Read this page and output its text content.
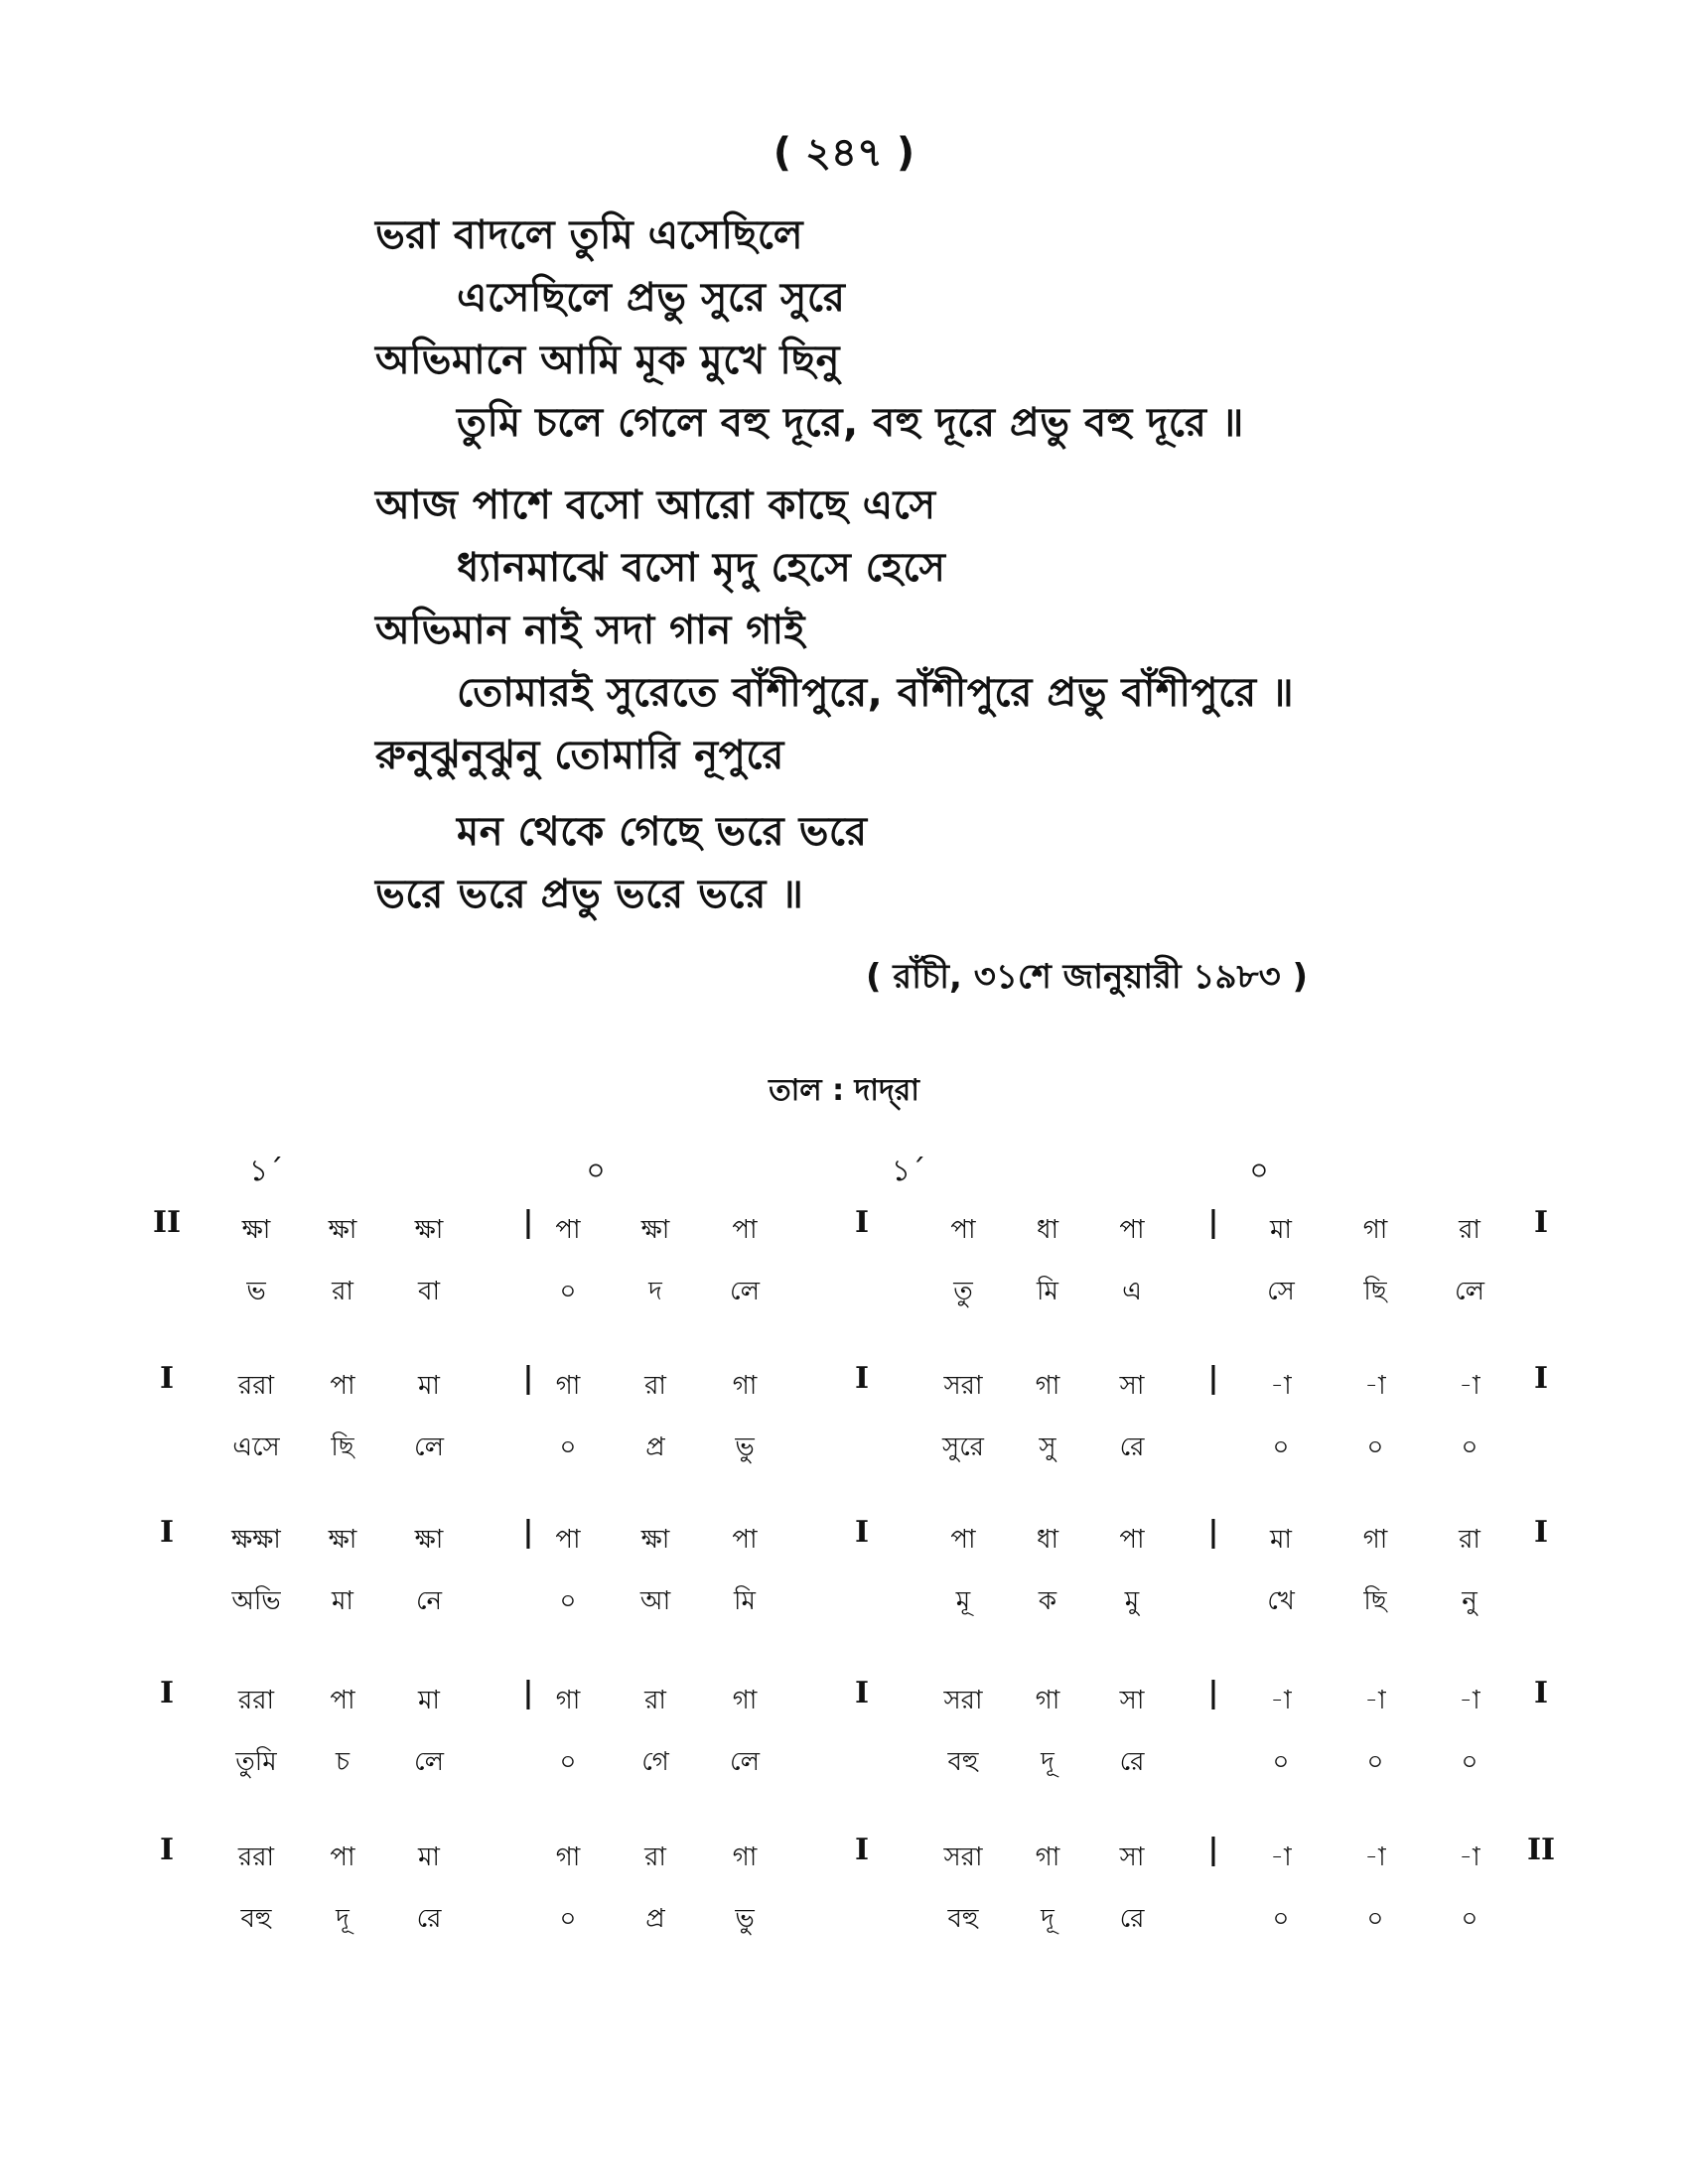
( ২৪৭ )
ভরা বাদলে তুমি এসেছিলে
এসেছিলে প্রভু সুরে সুরে
অভিমানে আমি মূক মুখে ছিনু
তুমি চলে গেলে বহু দূরে, বহু দূরে প্রভু বহু দূরে ॥
আজ পাশে বসো আরো কাছে এসে
ধ্যানমাঝে বসো মৃদু হেসে হেসে
অভিমান নাই সদা গান গাই
তোমারই সুরেতে বাঁশীপুরে, বাঁশীপুরে প্রভু বাঁশীপুরে ॥
রুনুঝুনুঝুনু তোমারি নূপুরে
মন থেকে গেছে ভরে ভরে
ভরে ভরে প্রভু ভরে ভরে ॥
( রাঁচী, ৩১শে জানুয়ারী ১৯৮৩ )
তাল : দাদ্‌রা
১´	০	১´	০
II	|	I	|	I
ক্ষা	ক্ষা	ক্ষা	পা	ক্ষা	পা	পা	ধা	পা	মা	গা	রা
ভ	রা	বা	০	দ	লে	তু	মি	এ	সে	ছি	লে
I	|	I	|	I
ররা	পা	মা	গা	রা	গা	সরা	গা	সা	-া	-া	-া
এসে	ছি	লে	০	প্র	ভু	সুরে	সু	রে	০	০	০
I	|	I	|	I
ক্ষক্ষা	ক্ষা	ক্ষা	পা	ক্ষা	পা	পা	ধা	পা	মা	গা	রা
অভি	মা	নে	০	আ	মি	মূ	ক	মু	খে	ছি	নু
I	|	I	|	I
ররা	পা	মা	গা	রা	গা	সরা	গা	সা	-া	-া	-া
তুমি	চ	লে	০	গে	লে	বহু	দূ	রে	০	০	০
I	I	|	II
ররা	পা	মা	গা	রা	গা	সরা	গা	সা	-া	-া	-া
বহু	দূ	রে	০	প্র	ভু	বহু	দূ	রে	০	০	০
